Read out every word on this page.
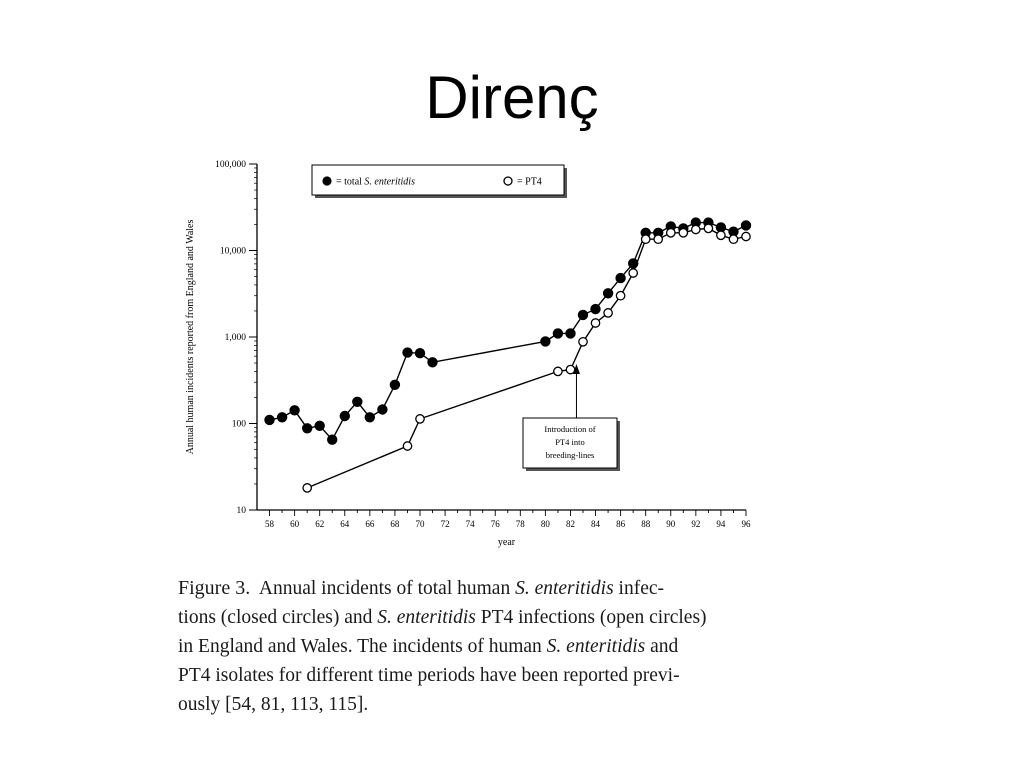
Direnç
10
100
1,000
10,000
100,000
58 60 62 64 66 68 70 72 74 76 78 80 82 84 86 88 90 92 94 96
year
Annual human incidents reported from England and Wales
= total S. enteritidis	= PT4
Introduction of
PT4 into
breeding-lines
Figure 3. Annual incidents of total human S. enteritidis infec-
tions (closed circles) and S. enteritidis PT4 infections (open circles)
in England and Wales. The incidents of human S. enteritidis and
PT4 isolates for different time periods have been reported previ-
ously [54, 81, 113, 115].
